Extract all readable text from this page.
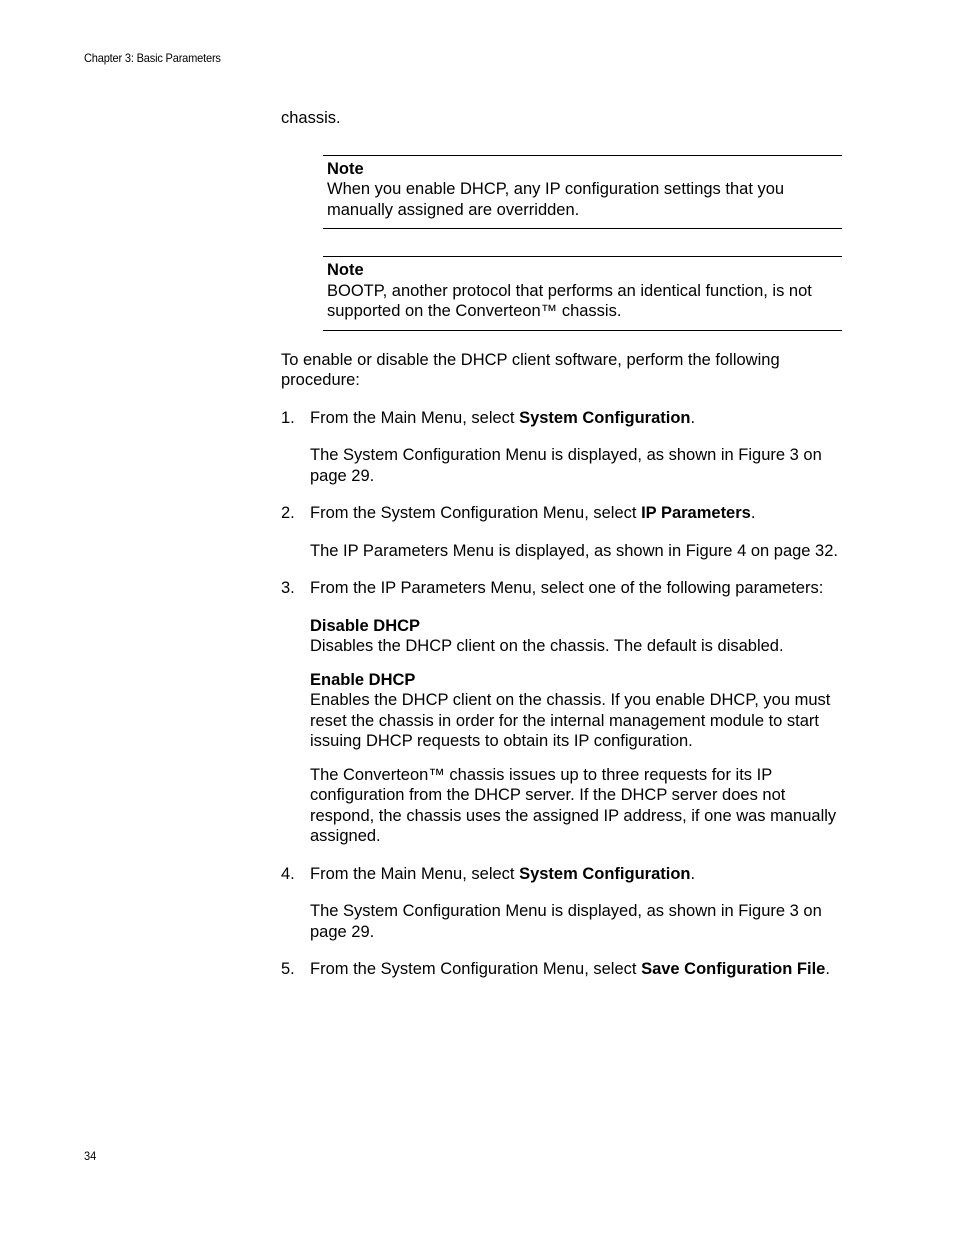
Chapter 3: Basic Parameters

chassis.

Note
When you enable DHCP, any IP configuration settings that you manually assigned are overridden.
Note
BOOTP, another protocol that performs an identical function, is not supported on the Converteon™ chassis.

To enable or disable the DHCP client software, perform the following procedure:

1. From the Main Menu, select System Configuration.

The System Configuration Menu is displayed, as shown in Figure 3 on page 29.

2. From the System Configuration Menu, select IP Parameters.

The IP Parameters Menu is displayed, as shown in Figure 4 on page 32.

3. From the IP Parameters Menu, select one of the following parameters:
Disable DHCP
Disables the DHCP client on the chassis. The default is disabled.
Enable DHCP
Enables the DHCP client on the chassis. If you enable DHCP, you must reset the chassis in order for the internal management module to start issuing DHCP requests to obtain its IP configuration.

The Converteon™ chassis issues up to three requests for its IP configuration from the DHCP server. If the DHCP server does not respond, the chassis uses the assigned IP address, if one was manually assigned.

4. From the Main Menu, select System Configuration.

The System Configuration Menu is displayed, as shown in Figure 3 on page 29.

5. From the System Configuration Menu, select Save Configuration File.
34
